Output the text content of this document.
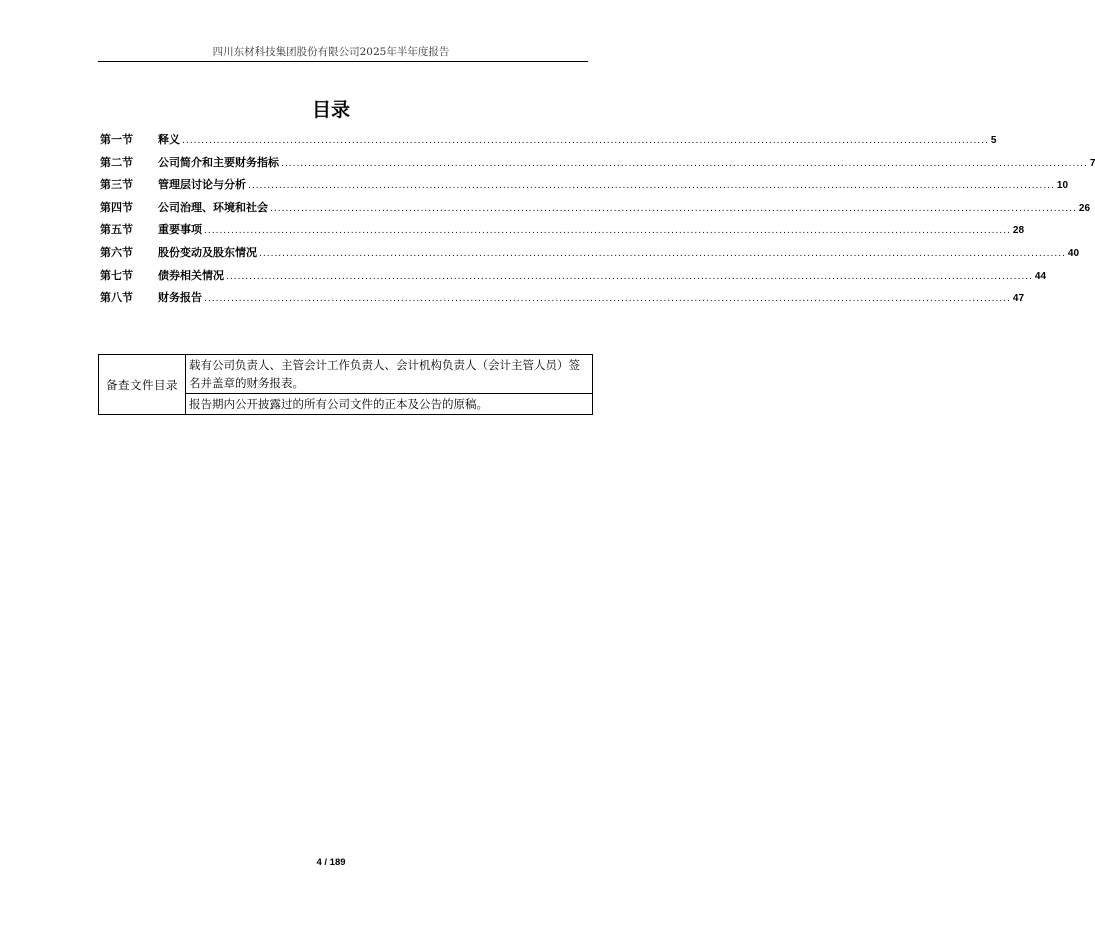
四川东材科技集团股份有限公司2025年半年度报告
目录
第一节	释义 ................................................................................................................................................................................................................. 5
第二节	公司简介和主要财务指标 ................................................................................................................................................................................................................. 7
第三节	管理层讨论与分析 ................................................................................................................................................................................................................. 10
第四节	公司治理、环境和社会 ................................................................................................................................................................................................................. 26
第五节	重要事项 ................................................................................................................................................................................................................. 28
第六节	股份变动及股东情况 ................................................................................................................................................................................................................. 40
第七节	债券相关情况 ................................................................................................................................................................................................................. 44
第八节	财务报告 ................................................................................................................................................................................................................. 47
备查文件目录	载有公司负责人、主管会计工作负责人、会计机构负责人（会计主管人员）签名并盖章的财务报表。
报告期内公开披露过的所有公司文件的正本及公告的原稿。
4 / 189
